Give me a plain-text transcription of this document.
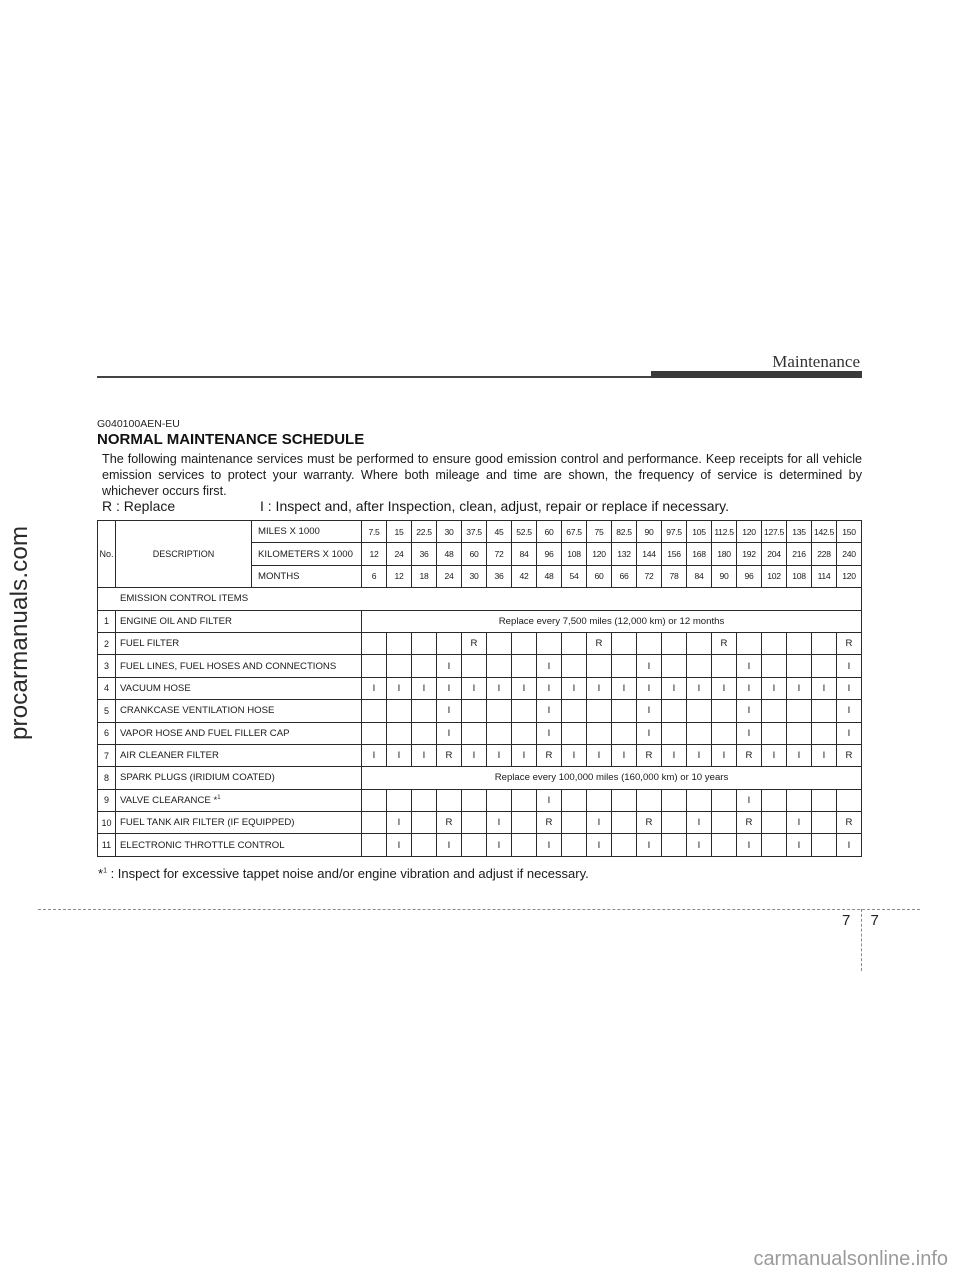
procarmanuals.com
carmanualsonline.info
Maintenance
G040100AEN-EU
NORMAL MAINTENANCE SCHEDULE
The following maintenance services must be performed to ensure good emission control and performance. Keep receipts for all vehicle emission services to protect your warranty. Where both mileage and time are shown, the frequency of service is determined by whichever occurs first.
R : Replace	I : Inspect and, after Inspection, clean, adjust, repair or replace if necessary.
No.	DESCRIPTION	MILES X 1000	7.5	15	22.5	30	37.5	45	52.5	60	67.5	75	82.5	90	97.5	105	112.5	120	127.5	135	142.5	150
		KILOMETERS X 1000	12	24	36	48	60	72	84	96	108	120	132	144	156	168	180	192	204	216	228	240
		MONTHS	6	12	18	24	30	36	42	48	54	60	66	72	78	84	90	96	102	108	114	120
EMISSION CONTROL ITEMS																						
1	ENGINE OIL AND FILTER		Replace every 7,500 miles (12,000 km) or 12 months																			
2	FUEL FILTER						R					R					R					R
3	FUEL LINES, FUEL HOSES AND CONNECTIONS					I				I				I				I				I
4	VACUUM HOSE		I	I	I	I	I	I	I	I	I	I	I	I	I	I	I	I	I	I	I	I
5	CRANKCASE VENTILATION HOSE					I				I				I				I				I
6	VAPOR HOSE AND FUEL FILLER CAP					I				I				I				I				I
7	AIR CLEANER FILTER		I	I	I	R	I	I	I	R	I	I	I	R	I	I	I	R	I	I	I	R
8	SPARK PLUGS (IRIDIUM COATED)		Replace every 100,000 miles (160,000 km) or 10 years																			
9	VALVE CLEARANCE *$^1$									I								I				
10	FUEL TANK AIR FILTER (IF EQUIPPED)			I		R		I		R		I		R		I		R		I		R
11	ELECTRONIC THROTTLE CONTROL			I		I		I		I		I		I		I		I		I		I
*$^1$ : Inspect for excessive tappet noise and/or engine vibration and adjust if necessary.
7 7
